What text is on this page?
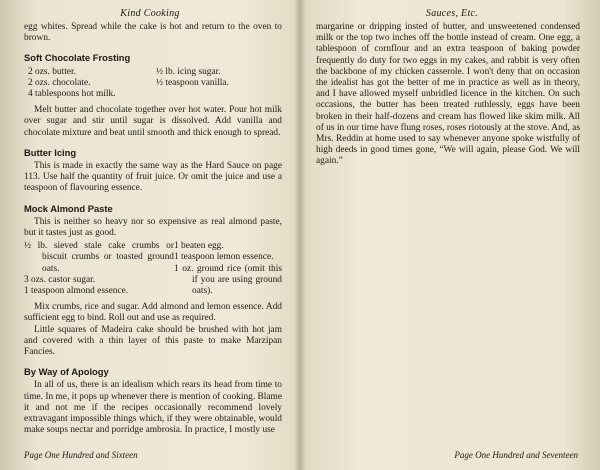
Kind Cooking

egg whites. Spread while the cake is hot and return to the oven to brown.

Soft Chocolate Frosting
2 ozs. butter.	½ lb. icing sugar.
2 ozs. chocolate.	½ teaspoon vanilla.
4 tablespoons hot milk.

Melt butter and chocolate together over hot water. Pour hot milk over sugar and stir until sugar is dissolved. Add vanilla and chocolate mixture and beat until smooth and thick enough to spread.

Butter Icing

This is made in exactly the same way as the Hard Sauce on page 113. Use half the quantity of fruit juice. Or omit the juice and use a teaspoon of flavouring essence.

Mock Almond Paste

This is neither so heavy nor so expensive as real almond paste, but it tastes just as good.

½ lb. sieved stale cake crumbs or biscuit crumbs or toasted ground oats.
3 ozs. castor sugar.
1 teaspoon almond essence.
1 beaten egg.
1 teaspoon lemon essence.
1 oz. ground rice (omit this if you are using ground oats).

Mix crumbs, rice and sugar. Add almond and lemon essence. Add sufficient egg to bind. Roll out and use as required.

Little squares of Madeira cake should be brushed with hot jam and covered with a thin layer of this paste to make Marzipan Fancies.

By Way of Apology

In all of us, there is an idealism which rears its head from time to time. In me, it pops up whenever there is mention of cooking. Blame it and not me if the recipes occasionally recommend lovely extravagant impossible things which, if they were obtainable, would make soups nectar and porridge ambrosia. In practice, I mostly use

Page One Hundred and Sixteen
Sauces, Etc.

margarine or dripping insted of butter, and unsweetened condensed milk or the top two inches off the bottle instead of cream. One egg, a tablespoon of cornflour and an extra teaspoon of baking powder frequently do duty for two eggs in my cakes, and rabbit is very often the backbone of my chicken casserole. I won't deny that on occasion the idealist has got the better of me in practice as well as in theory, and I have allowed myself unbridled licence in the kitchen. On such occasions, the butter has been treated ruthlessly, eggs have been broken in their half-dozens and cream has flowed like skim milk. All of us in our time have flung roses, roses riotously at the stove. And, as Mrs. Reddin at home used to say whenever anyone spoke wistfully of high deeds in good times gone, “We will again, please God. We will again.”

Page One Hundred and Seventeen
